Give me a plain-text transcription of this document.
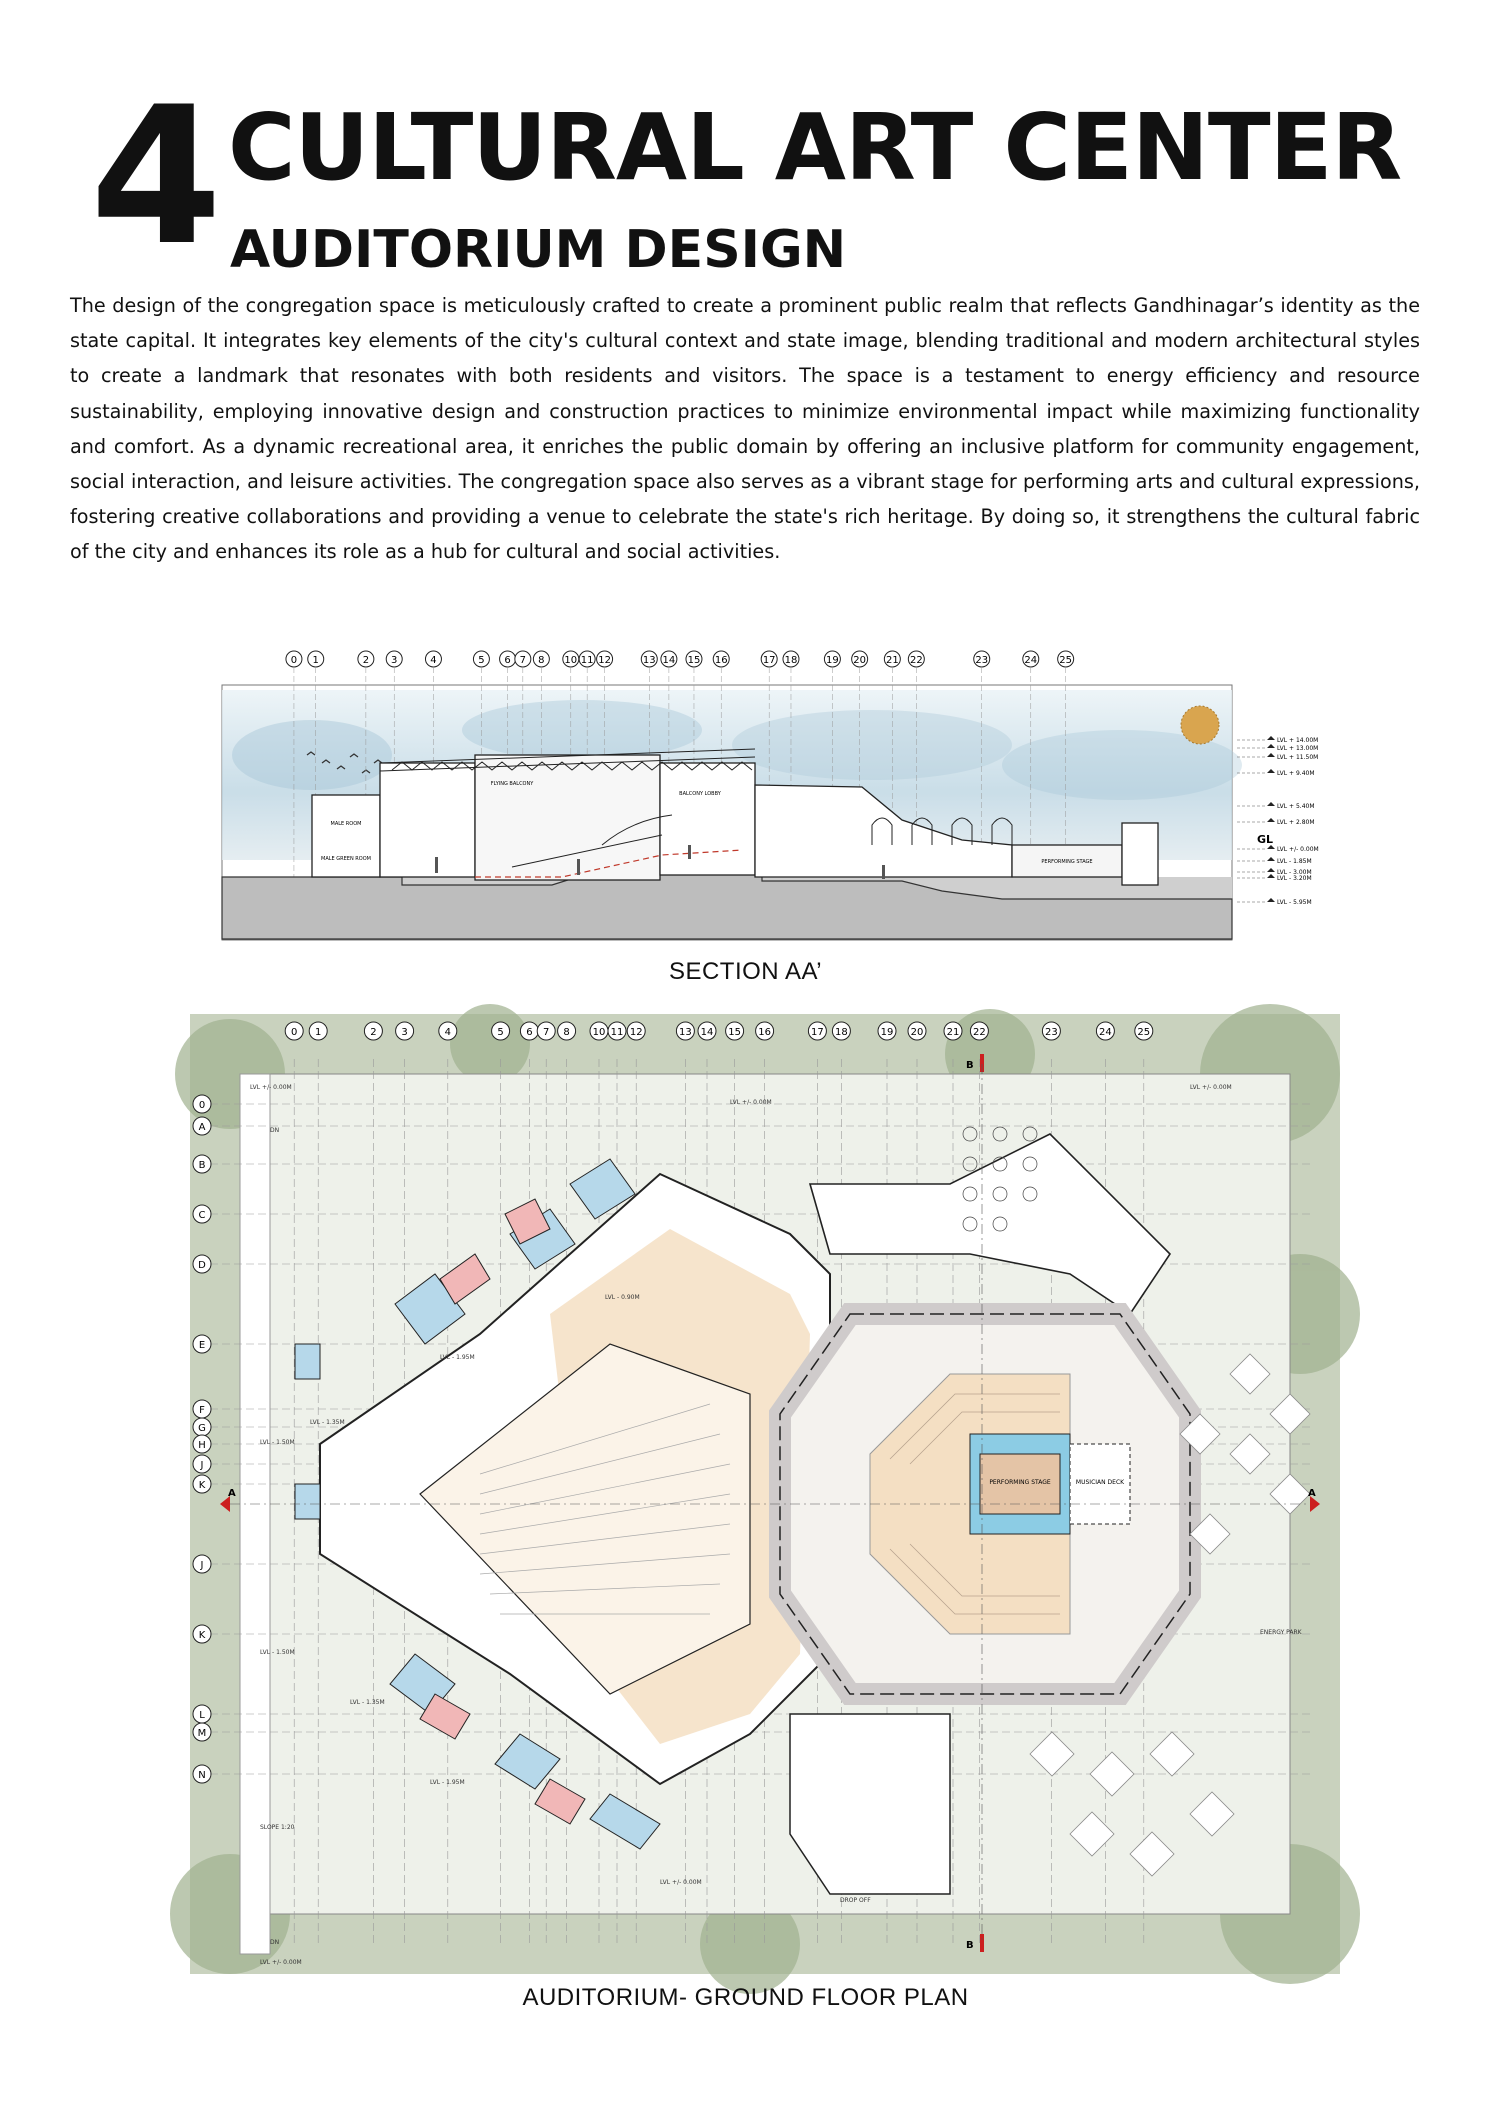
4 CULTURAL ART CENTER
AUDITORIUM DESIGN

The design of the congregation space is meticulously crafted to create a prominent public realm that reflects Gandhinagar’s identity as the state capital. It integrates key elements of the city's cultural context and state image, blending traditional and modern architectural styles to create a landmark that resonates with both residents and visitors. The space is a testament to energy efficiency and resource sustainability, employing innovative design and construction practices to minimize environmental impact while maximizing functionality and comfort. As a dynamic recreational area, it enriches the public domain by offering an inclusive platform for community engagement, social interaction, and leisure activities. The congregation space also serves as a vibrant stage for performing arts and cultural expressions, fostering creative collaborations and providing a venue to celebrate the state's rich heritage. By doing so, it strengthens the cultural fabric of the city and enhances its role as a hub for cultural and social activities.

0 1	2 3	4	5 6 7 8 10 11 12	13 14 15 16	17 18	19 20 21 22	23	24 25
MALE ROOM
MALE GREEN ROOM
FLYING BALCONY
BALCONY LOBBY
PERFORMING STAGE
LVL + 14.00M
LVL + 13.00M
LVL + 11.50M
LVL + 9.40M
LVL + 5.40M
LVL + 2.80M
LVL +/- 0.00M
LVL - 1.85M
LVL - 3.00M
LVL - 3.20M
LVL - 5.95M
GL
SECTION AA’
0 1	2 3	4	5 6 7 8 10 11 12	13 14 15 16	17 18	19 20 21 22	23	24	25
0
A
B
C
D
E
F
G
H
J
K
J
K
L
M
N
PERFORMING STAGE	MUSICIAN DECK
A	A
B
B
LVL +/- 0.00M	LVL +/- 0.00M
LVL +/- 0.00M
LVL - 0.90M
LVL - 1.95M
LVL - 1.35M
LVL - 1.50M
LVL - 1.50M
LVL - 1.35M
LVL - 1.95M
LVL +/- 0.00M
LVL +/- 0.00M
ENERGY PARK
DROP OFF
SLOPE 1:20
DN
DN
AUDITORIUM- GROUND FLOOR PLAN
